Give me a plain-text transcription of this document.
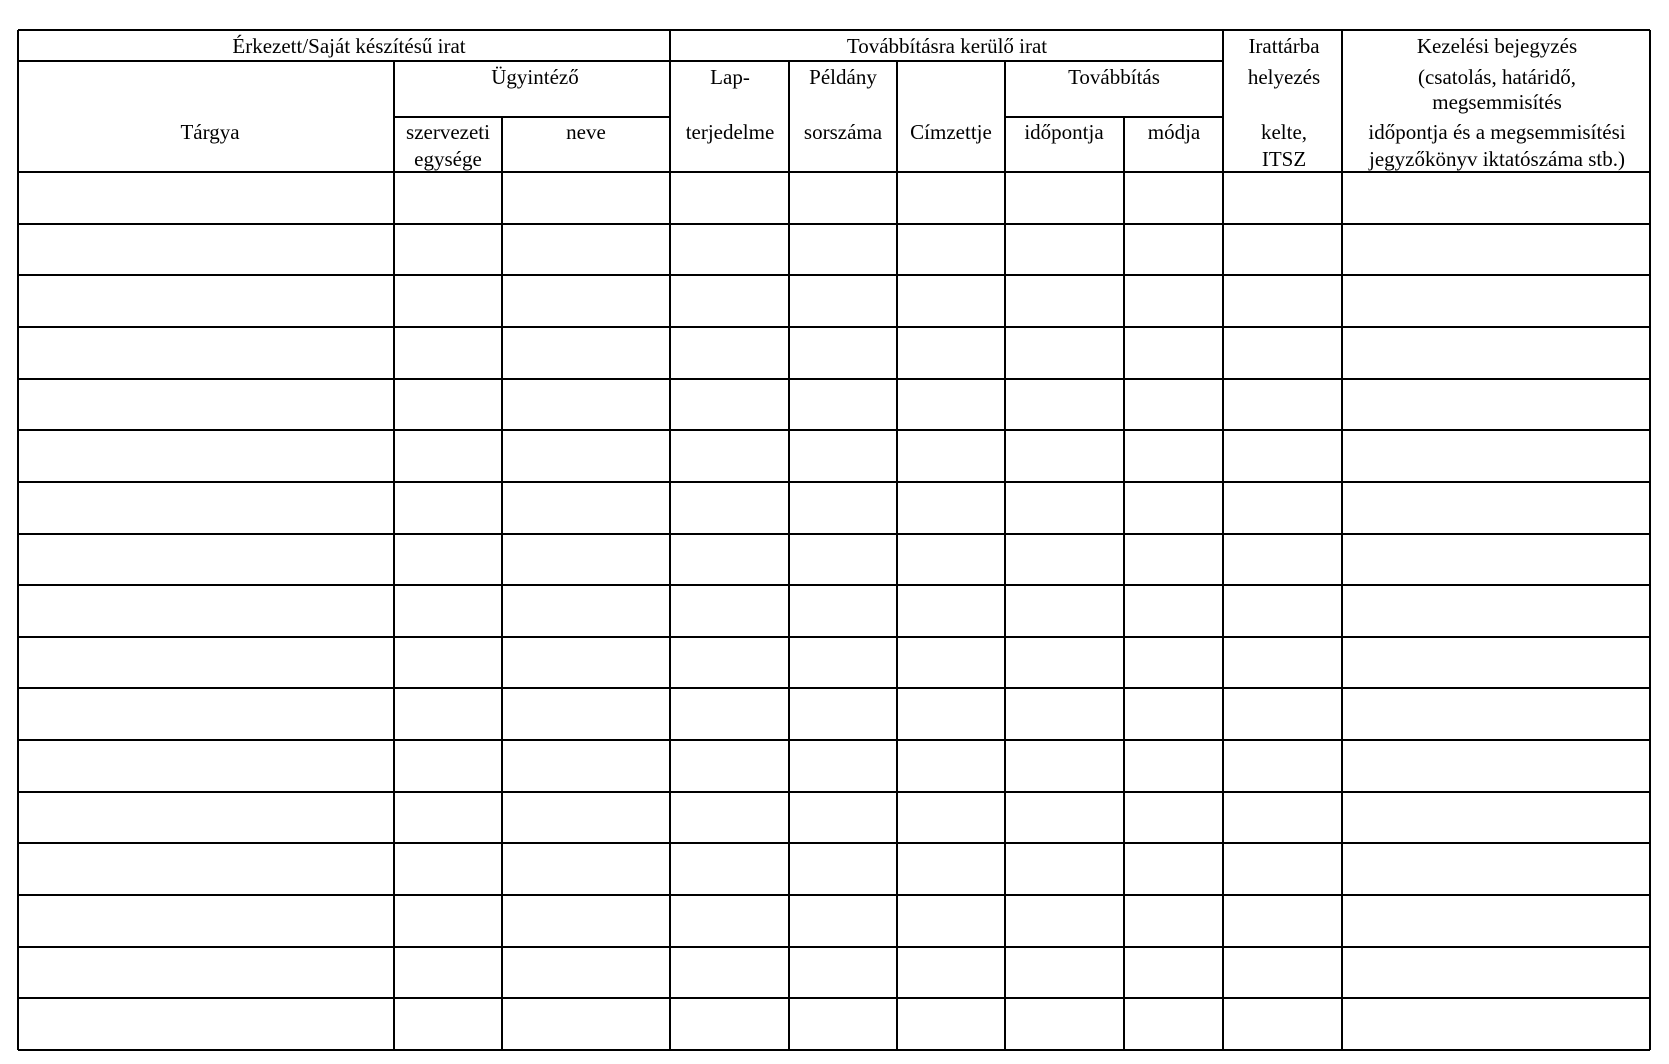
Érkezett/Saját készítésű irat	Továbbításra kerülő irat	Irattárba
helyezés
kelte,
ITSZ
Kezelési bejegyzés
(csatolás, határidő,
megsemmisítés
időpontja és a megsemmisítési
jegyzőkönyv iktatószáma stb.)
Tárgya
Ügyintéző
szervezeti
egysége
neve
Lap-
terjedelme
Példány
sorszáma Címzettje
Továbbítás
időpontja módja
